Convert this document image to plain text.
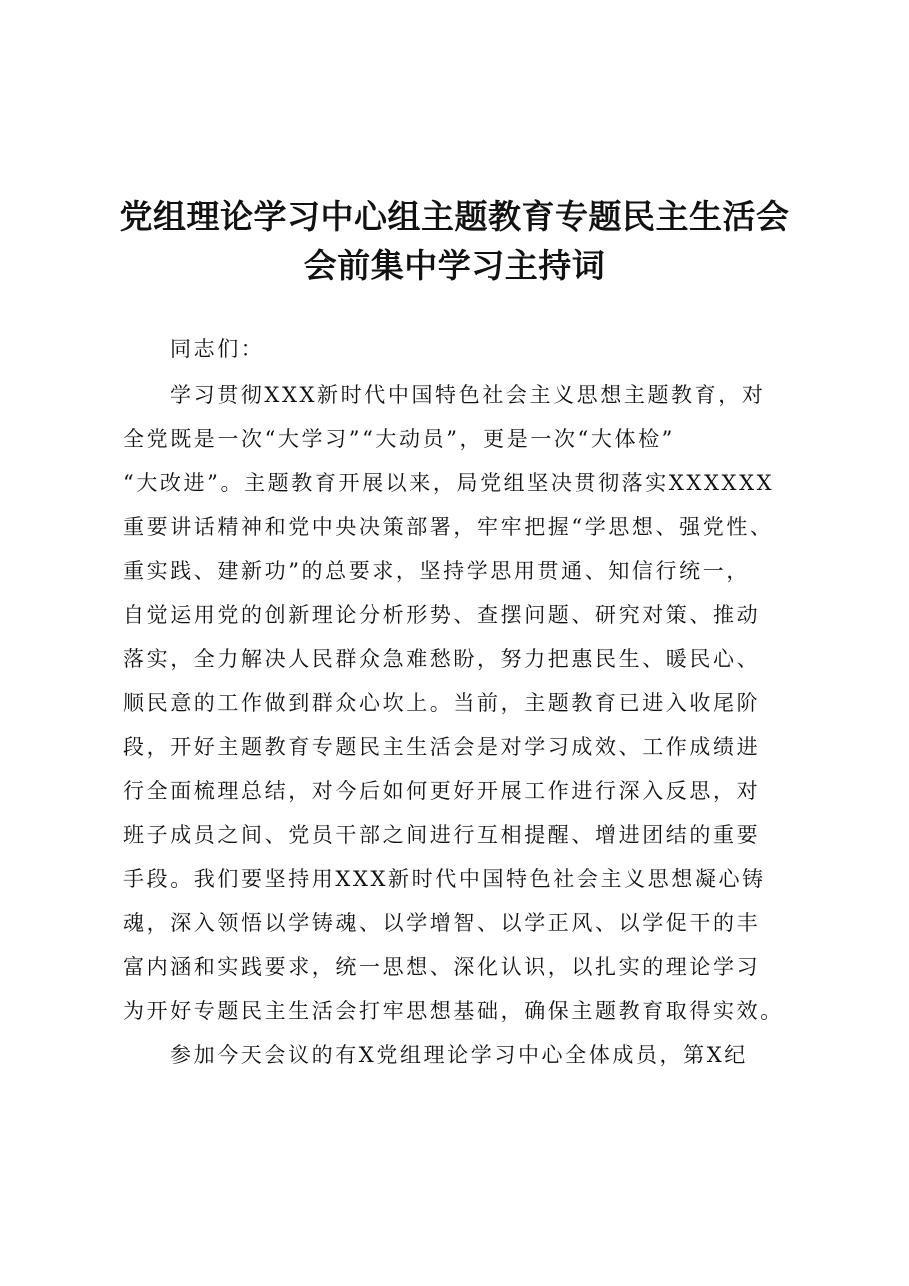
党组理论学习中心组主题教育专题民主生活会
会前集中学习主持词
同志们：
学习贯彻XXX新时代中国特色社会主义思想主题教育，对
全党既是一次“大学习”“大动员”，更是一次“大体检”
“大改进”。主题教育开展以来，局党组坚决贯彻落实XXXXXX
重要讲话精神和党中央决策部署，牢牢把握“学思想、强党性、
重实践、建新功”的总要求，坚持学思用贯通、知信行统一，
自觉运用党的创新理论分析形势、查摆问题、研究对策、推动
落实，全力解决人民群众急难愁盼，努力把惠民生、暖民心、
顺民意的工作做到群众心坎上。当前，主题教育已进入收尾阶
段，开好主题教育专题民主生活会是对学习成效、工作成绩进
行全面梳理总结，对今后如何更好开展工作进行深入反思，对
班子成员之间、党员干部之间进行互相提醒、增进团结的重要
手段。我们要坚持用XXX新时代中国特色社会主义思想凝心铸
魂，深入领悟以学铸魂、以学增智、以学正风、以学促干的丰
富内涵和实践要求，统一思想、深化认识，以扎实的理论学习
为开好专题民主生活会打牢思想基础，确保主题教育取得实效。
参加今天会议的有X党组理论学习中心全体成员，第X纪
